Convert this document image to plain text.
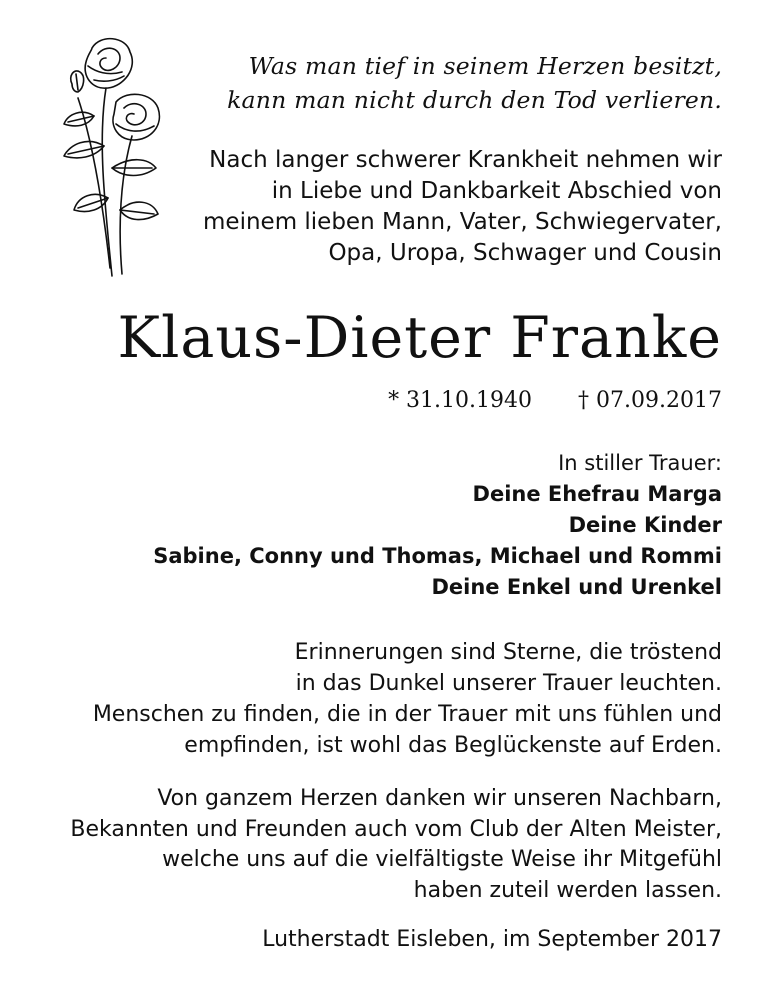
Was man tief in seinem Herzen besitzt,
kann man nicht durch den Tod verlieren.
Nach langer schwerer Krankheit nehmen wir
in Liebe und Dankbarkeit Abschied von
meinem lieben Mann, Vater, Schwiegervater,
Opa, Uropa, Schwager und Cousin
Klaus-Dieter Franke
* 31.10.1940 † 07.09.2017
In stiller Trauer:
Deine Ehefrau Marga
Deine Kinder
Sabine, Conny und Thomas, Michael und Rommi
Deine Enkel und Urenkel
Erinnerungen sind Sterne, die tröstend
in das Dunkel unserer Trauer leuchten.
Menschen zu finden, die in der Trauer mit uns fühlen und
empfinden, ist wohl das Beglückenste auf Erden.
Von ganzem Herzen danken wir unseren Nachbarn,
Bekannten und Freunden auch vom Club der Alten Meister,
welche uns auf die vielfältigste Weise ihr Mitgefühl
haben zuteil werden lassen.
Lutherstadt Eisleben, im September 2017
